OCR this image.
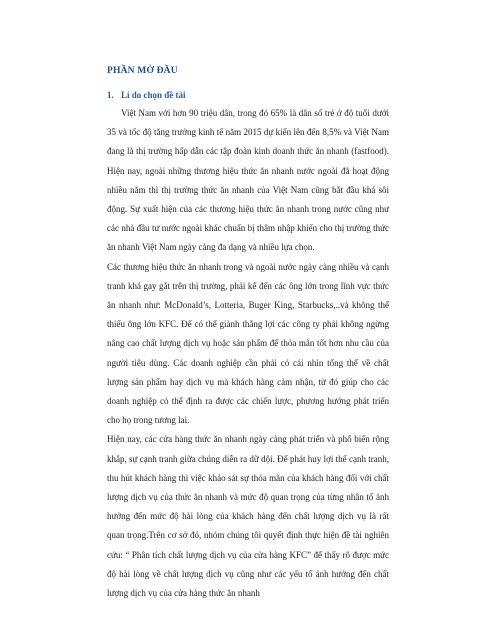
PHẦN MỞ ĐẦU
1. Lí do chọn đề tài

Việt Nam với hơn 90 triệu dân, trong đó 65% là dân số trẻ ở độ tuổi dưới 35 và tốc độ tăng trưởng kinh tế năm 2015 dự kiến lên đến 8,5% và Việt Nam đang là thị trường hấp dẫn các tập đoàn kinh doanh thức ăn nhanh (fastfood). Hiện nay, ngoài những thương hiệu thức ăn nhanh nước ngoài đã hoạt động nhiều năm thì thị trường thức ăn nhanh của Việt Nam cũng bắt đầu khá sôi động. Sự xuất hiện của các thương hiệu thức ăn nhanh trong nước cũng như các nhà đầu tư nước ngoài khác chuẩn bị thâm nhập khiến cho thị trường thức ăn nhanh Việt Nam ngày càng đa dạng và nhiều lựa chọn.

Các thương hiệu thức ăn nhanh trong và ngoài nước ngày càng nhiều và cạnh tranh khá gay gắt trên thị trường, phải kể đến các ông lớn trong lĩnh vực thức ăn nhanh như: McDonald’s, Lotteria, Buger King, Starbucks,..và không thể thiếu ông lớn KFC. Để có thể giành thắng lợi các công ty phải không ngừng nâng cao chất lượng dịch vụ hoặc sản phẩm để thỏa mãn tốt hơn nhu cầu của người tiêu dùng. Các doanh nghiệp cần phải có cái nhìn tổng thể về chất lượng sản phẩm hay dịch vụ mà khách hàng cảm nhận, từ đó giúp cho các doanh nghiệp có thể định ra được các chiến lược, phương hướng phát triển cho họ trong tương lai.

Hiện nay, các cửa hàng thức ăn nhanh ngày càng phát triển và phổ biến rộng khắp, sự cạnh tranh giữa chúng diễn ra dữ dội. Để phát huy lợi thế cạnh tranh, thu hút khách hàng thì việc khảo sát sự thỏa mãn của khách hàng đối với chất lượng dịch vụ của thức ăn nhanh và mức độ quan trọng của từng nhân tố ảnh hưởng đến mức độ hài lòng của khách hàng đến chất lượng dịch vụ là rất quan trọng.Trên cơ sở đó, nhóm chúng tôi quyết định thực hiện đề tài nghiên cứu: “ Phân tích chất lượng dịch vụ của cửa hàng KFC” để thấy rõ được mức độ hài lòng về chất lượng dịch vụ cũng như các yếu tố ảnh hưởng đến chất lượng dịch vụ của cửa hàng thức ăn nhanh
